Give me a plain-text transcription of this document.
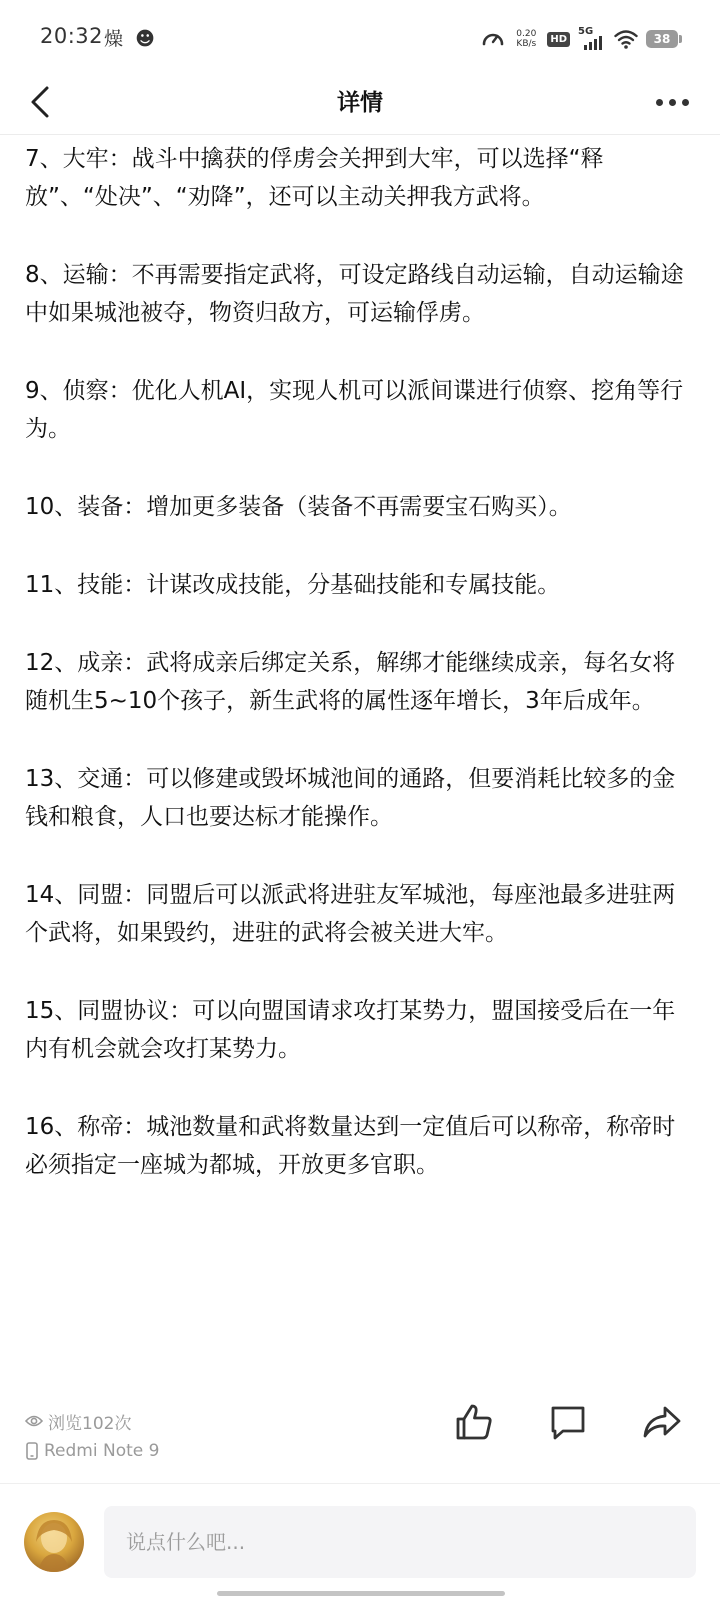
20:32 燥 ☻	0.20
KB/s	HD
5G
38
详情

7、大牢：战斗中擒获的俘虏会关押到大牢，可以选择“释放”、“处决”、“劝降”，还可以主动关押我方武将。

8、运输：不再需要指定武将，可设定路线自动运输，自动运输途中如果城池被夺，物资归敌方，可运输俘虏。

9、侦察：优化人机AI，实现人机可以派间谍进行侦察、挖角等行为。

10、装备：增加更多装备（装备不再需要宝石购买）。

11、技能：计谋改成技能，分基础技能和专属技能。

12、成亲：武将成亲后绑定关系，解绑才能继续成亲，每名女将随机生5~10个孩子，新生武将的属性逐年增长，3年后成年。

13、交通：可以修建或毁坏城池间的通路，但要消耗比较多的金钱和粮食，人口也要达标才能操作。

14、同盟：同盟后可以派武将进驻友军城池，每座池最多进驻两个武将，如果毁约，进驻的武将会被关进大牢。

15、同盟协议：可以向盟国请求攻打某势力，盟国接受后在一年内有机会就会攻打某势力。

16、称帝：城池数量和武将数量达到一定值后可以称帝，称帝时必须指定一座城为都城，开放更多官职。

浏览102次
Redmi Note 9
说点什么吧...
